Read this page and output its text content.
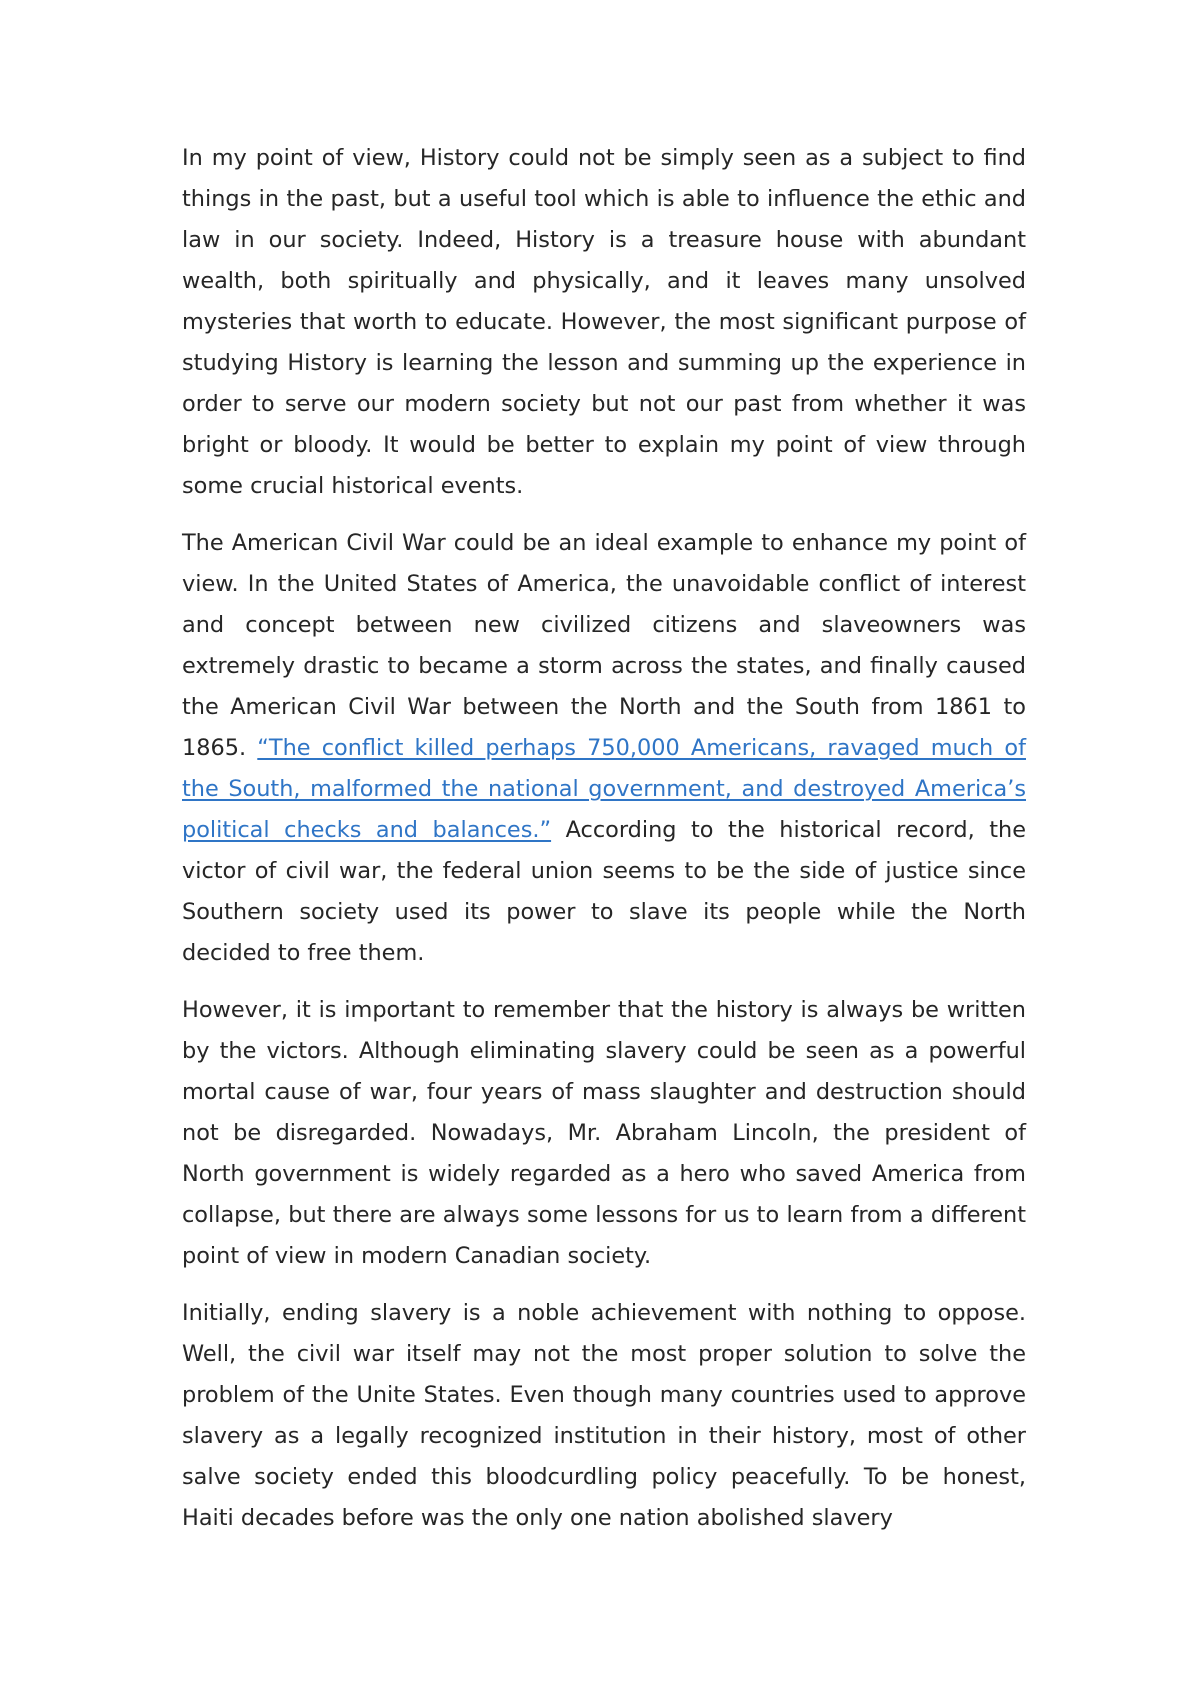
In my point of view, History could not be simply seen as a subject to find things in the past, but a useful tool which is able to influence the ethic and law in our society. Indeed, History is a treasure house with abundant wealth, both spiritually and physically, and it leaves many unsolved mysteries that worth to educate. However, the most significant purpose of studying History is learning the lesson and summing up the experience in order to serve our modern society but not our past from whether it was bright or bloody. It would be better to explain my point of view through some crucial historical events.

The American Civil War could be an ideal example to enhance my point of view. In the United States of America, the unavoidable conflict of interest and concept between new civilized citizens and slaveowners was extremely drastic to became a storm across the states, and finally caused the American Civil War between the North and the South from 1861 to 1865. “The conflict killed perhaps 750,000 Americans, ravaged much of the South, malformed the national government, and destroyed America’s political checks and balances.” According to the historical record, the victor of civil war, the federal union seems to be the side of justice since Southern society used its power to slave its people while the North decided to free them.

However, it is important to remember that the history is always be written by the victors. Although eliminating slavery could be seen as a powerful mortal cause of war, four years of mass slaughter and destruction should not be disregarded. Nowadays, Mr. Abraham Lincoln, the president of North government is widely regarded as a hero who saved America from collapse, but there are always some lessons for us to learn from a different point of view in modern Canadian society.

Initially, ending slavery is a noble achievement with nothing to oppose. Well, the civil war itself may not the most proper solution to solve the problem of the Unite States. Even though many countries used to approve slavery as a legally recognized institution in their history, most of other salve society ended this bloodcurdling policy peacefully. To be honest, Haiti decades before was the only one nation abolished slavery
